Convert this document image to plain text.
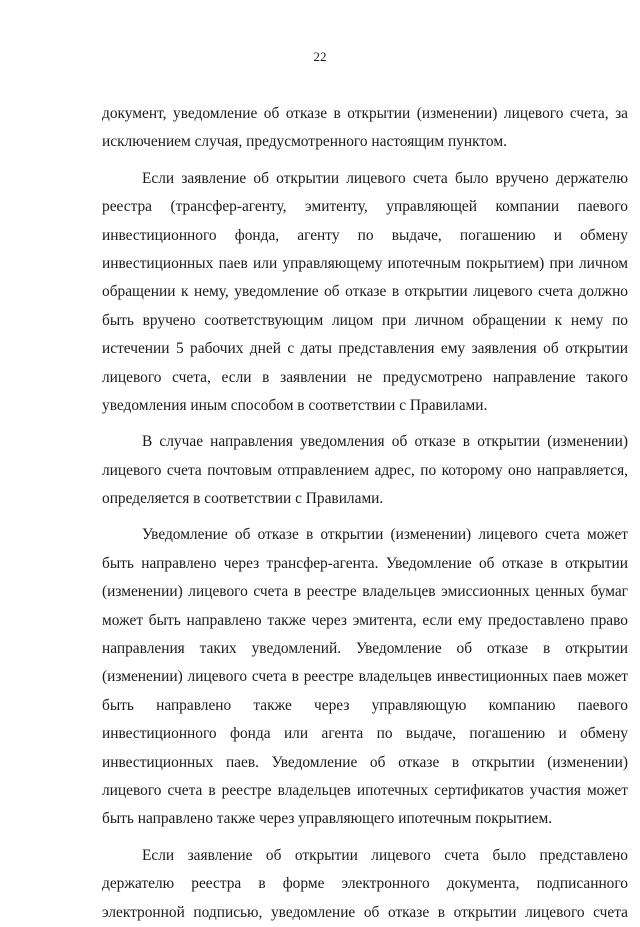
22
документ, уведомление об отказе в открытии (изменении) лицевого счета, за
исключением случая, предусмотренного настоящим пунктом.
Если заявление об открытии лицевого счета было вручено держателю
реестра (трансфер-агенту, эмитенту, управляющей компании паевого
инвестиционного фонда, агенту по выдаче, погашению и обмену
инвестиционных паев или управляющему ипотечным покрытием) при личном
обращении к нему, уведомление об отказе в открытии лицевого счета должно
быть вручено соответствующим лицом при личном обращении к нему по
истечении 5 рабочих дней с даты представления ему заявления об открытии
лицевого счета, если в заявлении не предусмотрено направление такого
уведомления иным способом в соответствии с Правилами.
В случае направления уведомления об отказе в открытии (изменении)
лицевого счета почтовым отправлением адрес, по которому оно направляется,
определяется в соответствии с Правилами.
Уведомление об отказе в открытии (изменении) лицевого счета может
быть направлено через трансфер-агента. Уведомление об отказе в открытии
(изменении) лицевого счета в реестре владельцев эмиссионных ценных бумаг
может быть направлено также через эмитента, если ему предоставлено право
направления таких уведомлений. Уведомление об отказе в открытии
(изменении) лицевого счета в реестре владельцев инвестиционных паев может
быть направлено также через управляющую компанию паевого
инвестиционного фонда или агента по выдаче, погашению и обмену
инвестиционных паев. Уведомление об отказе в открытии (изменении)
лицевого счета в реестре владельцев ипотечных сертификатов участия может
быть направлено также через управляющего ипотечным покрытием.
Если заявление об открытии лицевого счета было представлено
держателю реестра в форме электронного документа, подписанного
электронной подписью, уведомление об отказе в открытии лицевого счета
